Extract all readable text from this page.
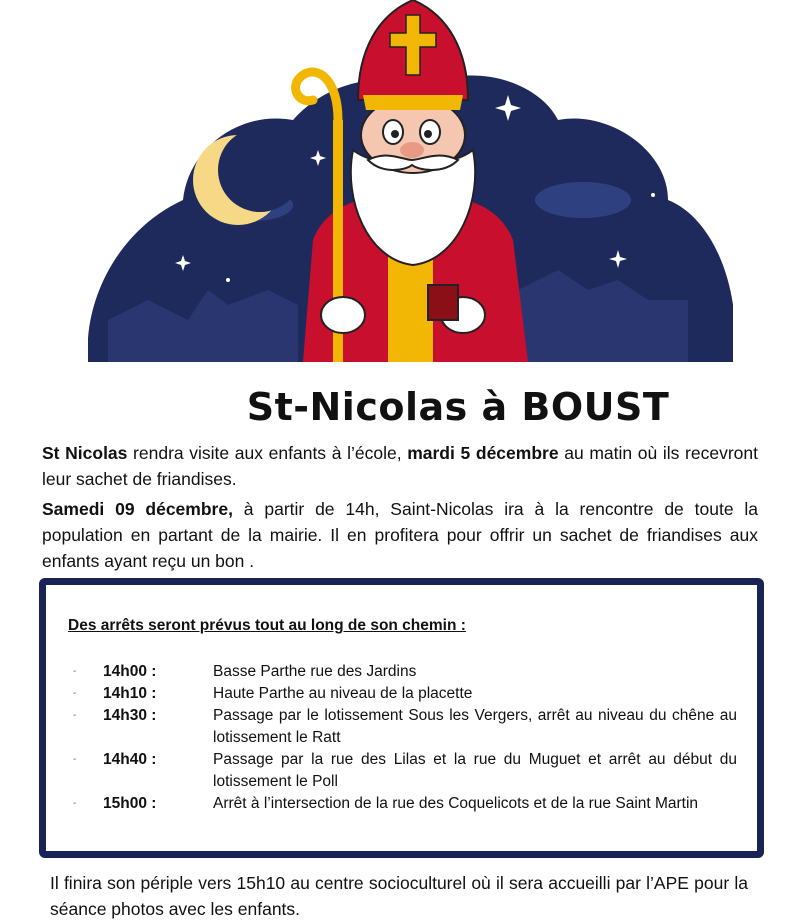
St-Nicolas à BOUST

St Nicolas rendra visite aux enfants à l’école, mardi 5 décembre au matin où ils recevront leur sachet de friandises.

Samedi 09 décembre, à partir de 14h, Saint-Nicolas ira à la rencontre de toute la population en partant de la mairie. Il en profitera pour offrir un sachet de friandises aux enfants ayant reçu un bon .

Des arrêts seront prévus tout au long de son chemin :

-	14h00 :	Basse Parthe rue des Jardins
-	14h10 :	Haute Parthe au niveau de la placette
-	14h30 :	Passage par le lotissement Sous les Vergers, arrêt au niveau du chêne au lotissement le Ratt
-	14h40 :	Passage par la rue des Lilas et la rue du Muguet et arrêt au début du lotissement le Poll
-	15h00 :	Arrêt à l’intersection de la rue des Coquelicots et de la rue Saint Martin

Il finira son périple vers 15h10 au centre socioculturel où il sera accueilli par l’APE pour la séance photos avec les enfants.
